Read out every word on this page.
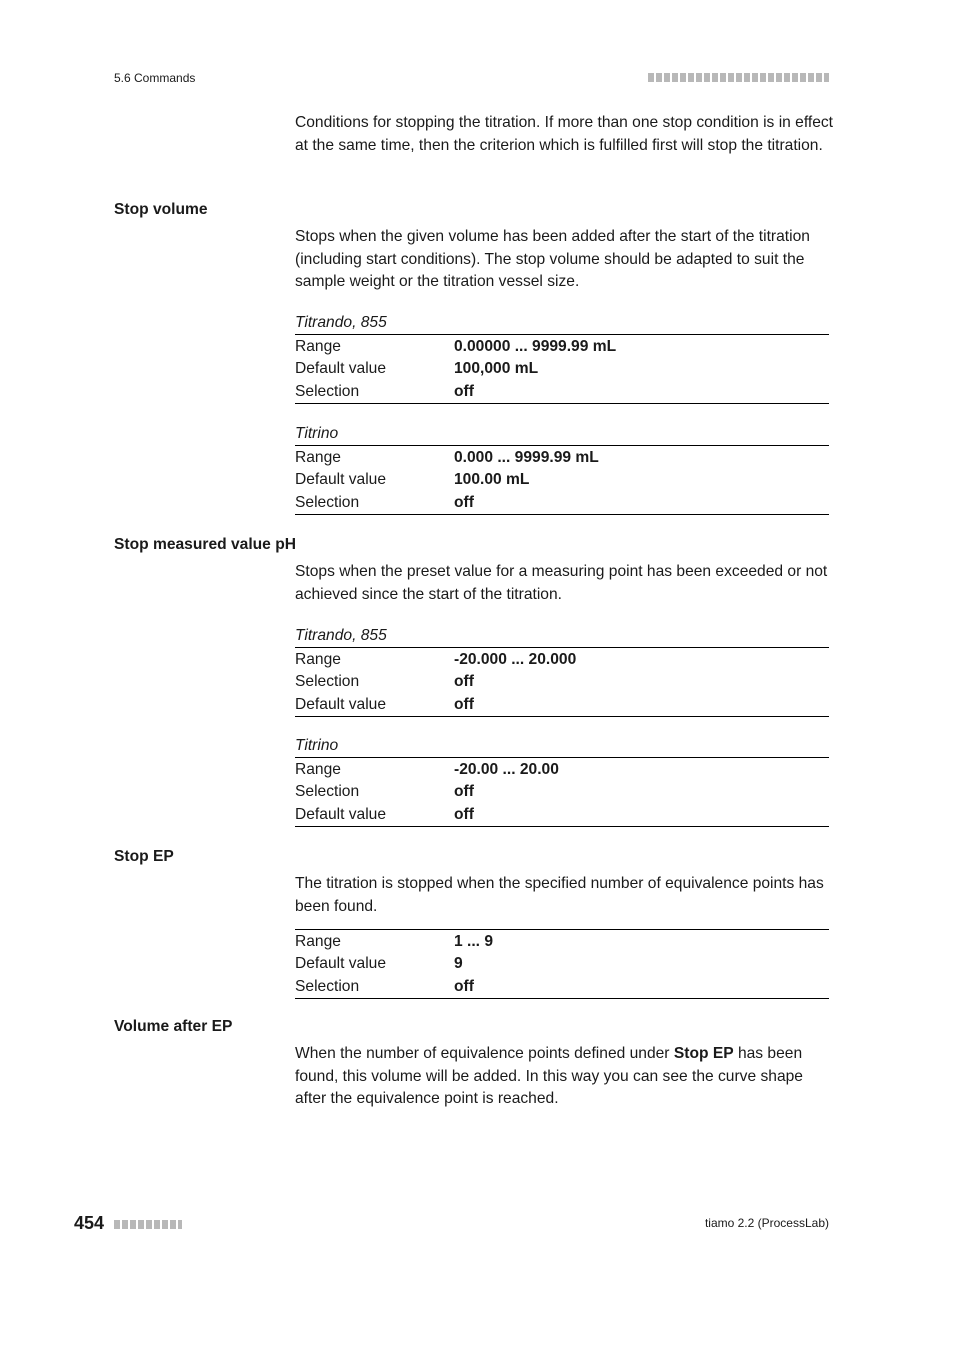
5.6 Commands
Conditions for stopping the titration. If more than one stop condition is in effect at the same time, then the criterion which is fulfilled first will stop the titration.
Stop volume
Stops when the given volume has been added after the start of the titration (including start conditions). The stop volume should be adapted to suit the sample weight or the titration vessel size.
Titrando, 855
Range	0.00000 ... 9999.99 mL
Default value	100,000 mL
Selection	off
Titrino
Range	0.000 ... 9999.99 mL
Default value	100.00 mL
Selection	off
Stop measured value pH
Stops when the preset value for a measuring point has been exceeded or not achieved since the start of the titration.
Titrando, 855
Range	-20.000 ... 20.000
Selection	off
Default value	off
Titrino
Range	-20.00 ... 20.00
Selection	off
Default value	off
Stop EP
The titration is stopped when the specified number of equivalence points has been found.
Range	1 ... 9
Default value	9
Selection	off
Volume after EP
When the number of equivalence points defined under Stop EP has been found, this volume will be added. In this way you can see the curve shape after the equivalence point is reached.
454	tiamo 2.2 (ProcessLab)
